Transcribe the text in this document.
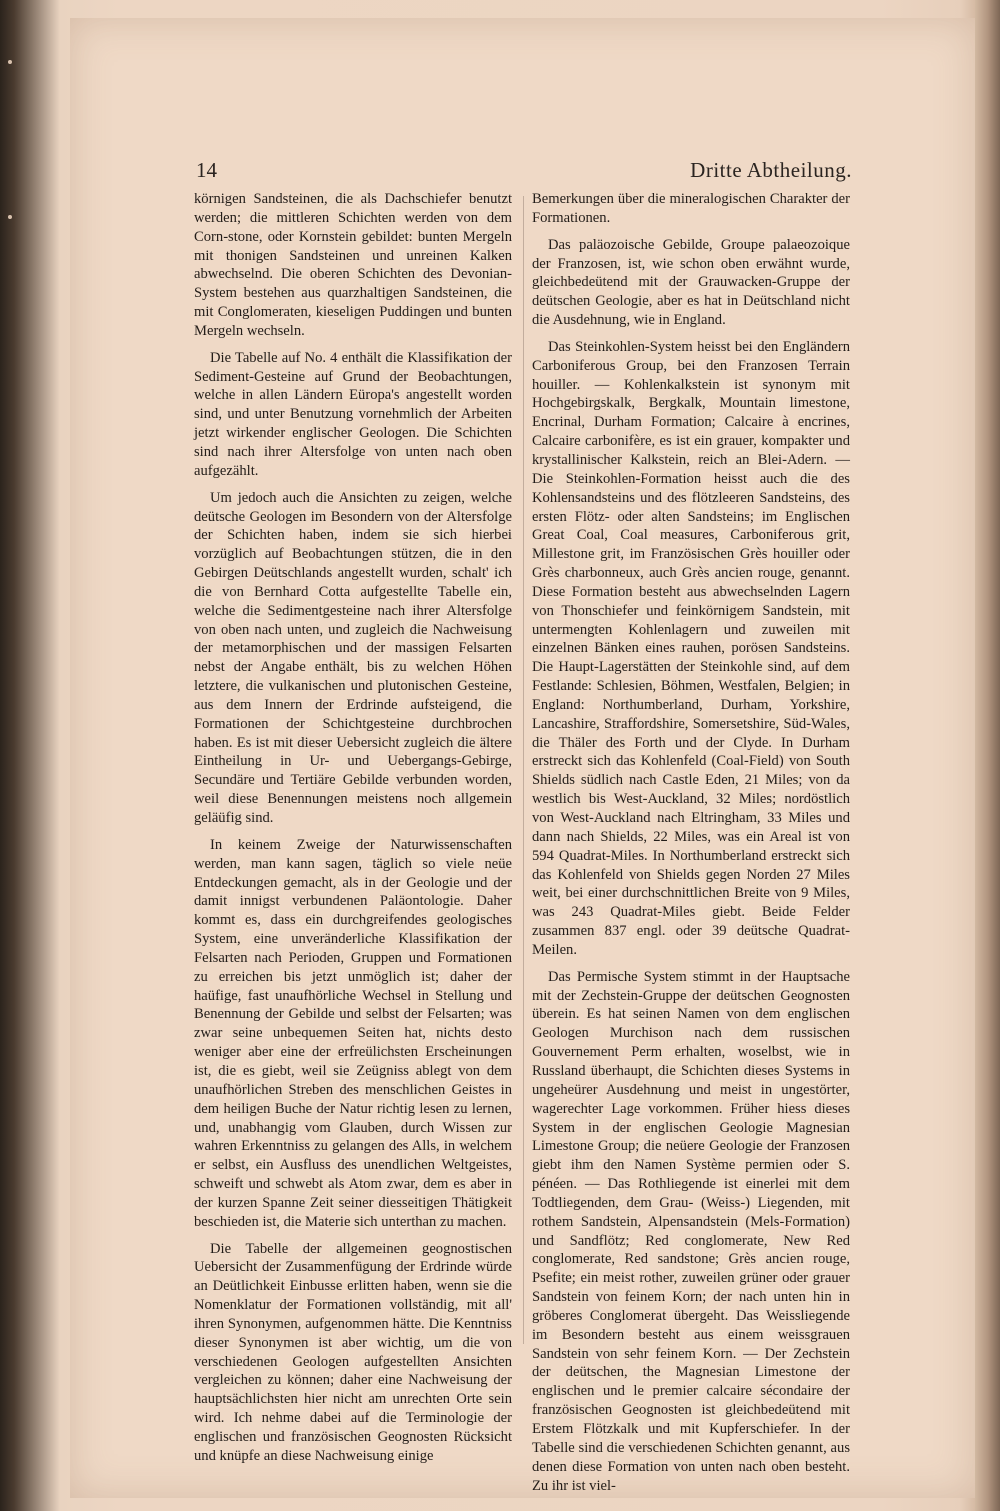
14	Dritte Abtheilung.

körnigen Sandsteinen, die als Dachschiefer benutzt werden; die mittleren Schichten werden von dem Corn-stone, oder Kornstein gebildet: bunten Mergeln mit thonigen Sandsteinen und unreinen Kalken abwechselnd. Die oberen Schichten des Devonian-System bestehen aus quarzhaltigen Sandsteinen, die mit Conglomeraten, kieseligen Puddingen und bunten Mergeln wechseln.

Die Tabelle auf No. 4 enthält die Klassifikation der Sediment-Gesteine auf Grund der Beobachtungen, welche in allen Ländern Eüropa's angestellt worden sind, und unter Benutzung vornehmlich der Arbeiten jetzt wirkender englischer Geologen. Die Schichten sind nach ihrer Altersfolge von unten nach oben aufgezählt.

Um jedoch auch die Ansichten zu zeigen, welche deütsche Geologen im Besondern von der Altersfolge der Schichten haben, indem sie sich hierbei vorzüglich auf Beobachtungen stützen, die in den Gebirgen Deütschlands angestellt wurden, schalt' ich die von Bernhard Cotta aufgestellte Tabelle ein, welche die Sedimentgesteine nach ihrer Altersfolge von oben nach unten, und zugleich die Nachweisung der metamorphischen und der massigen Felsarten nebst der Angabe enthält, bis zu welchen Höhen letztere, die vulkanischen und plutonischen Gesteine, aus dem Innern der Erdrinde aufsteigend, die Formationen der Schichtgesteine durchbrochen haben. Es ist mit dieser Uebersicht zugleich die ältere Eintheilung in Ur- und Uebergangs-Gebirge, Secundäre und Tertiäre Gebilde verbunden worden, weil diese Benennungen meistens noch allgemein geläüfig sind.

In keinem Zweige der Naturwissenschaften werden, man kann sagen, täglich so viele neüe Entdeckungen gemacht, als in der Geologie und der damit innigst verbundenen Paläontologie. Daher kommt es, dass ein durchgreifendes geologisches System, eine unveränderliche Klassifikation der Felsarten nach Perioden, Gruppen und Formationen zu erreichen bis jetzt unmöglich ist; daher der haüfige, fast unaufhörliche Wechsel in Stellung und Benennung der Gebilde und selbst der Felsarten; was zwar seine unbequemen Seiten hat, nichts desto weniger aber eine der erfreülichsten Erscheinungen ist, die es giebt, weil sie Zeügniss ablegt von dem unaufhörlichen Streben des menschlichen Geistes in dem heiligen Buche der Natur richtig lesen zu lernen, und, unabhangig vom Glauben, durch Wissen zur wahren Erkenntniss zu gelangen des Alls, in welchem er selbst, ein Ausfluss des unendlichen Weltgeistes, schweift und schwebt als Atom zwar, dem es aber in der kurzen Spanne Zeit seiner diesseitigen Thätigkeit beschieden ist, die Materie sich unterthan zu machen.

Die Tabelle der allgemeinen geognostischen Uebersicht der Zusammenfügung der Erdrinde würde an Deütlichkeit Einbusse erlitten haben, wenn sie die Nomenklatur der Formationen vollständig, mit all' ihren Synonymen, aufgenommen hätte. Die Kenntniss dieser Synonymen ist aber wichtig, um die von verschiedenen Geologen aufgestellten Ansichten vergleichen zu können; daher eine Nachweisung der hauptsächlichsten hier nicht am unrechten Orte sein wird. Ich nehme dabei auf die Terminologie der englischen und französischen Geognosten Rücksicht und knüpfe an diese Nachweisung einige

Bemerkungen über die mineralogischen Charakter der Formationen.

Das paläozoische Gebilde, Groupe palaeozoique der Franzosen, ist, wie schon oben erwähnt wurde, gleichbedeütend mit der Grauwacken-Gruppe der deütschen Geologie, aber es hat in Deütschland nicht die Ausdehnung, wie in England.

Das Steinkohlen-System heisst bei den Engländern Carboniferous Group, bei den Franzosen Terrain houiller. — Kohlenkalkstein ist synonym mit Hochgebirgskalk, Bergkalk, Mountain limestone, Encrinal, Durham Formation; Calcaire à encrines, Calcaire carbonifère, es ist ein grauer, kompakter und krystallinischer Kalkstein, reich an Blei-Adern. — Die Steinkohlen-Formation heisst auch die des Kohlensandsteins und des flötzleeren Sandsteins, des ersten Flötz- oder alten Sandsteins; im Englischen Great Coal, Coal measures, Carboniferous grit, Millestone grit, im Französischen Grès houiller oder Grès charbonneux, auch Grès ancien rouge, genannt. Diese Formation besteht aus abwechselnden Lagern von Thonschiefer und feinkörnigem Sandstein, mit untermengten Kohlenlagern und zuweilen mit einzelnen Bänken eines rauhen, porösen Sandsteins. Die Haupt-Lagerstätten der Steinkohle sind, auf dem Festlande: Schlesien, Böhmen, Westfalen, Belgien; in England: Northumberland, Durham, Yorkshire, Lancashire, Straffordshire, Somersetshire, Süd-Wales, die Thäler des Forth und der Clyde. In Durham erstreckt sich das Kohlenfeld (Coal-Field) von South Shields südlich nach Castle Eden, 21 Miles; von da westlich bis West-Auckland, 32 Miles; nordöstlich von West-Auckland nach Eltringham, 33 Miles und dann nach Shields, 22 Miles, was ein Areal ist von 594 Quadrat-Miles. In Northumberland erstreckt sich das Kohlenfeld von Shields gegen Norden 27 Miles weit, bei einer durchschnittlichen Breite von 9 Miles, was 243 Quadrat-Miles giebt. Beide Felder zusammen 837 engl. oder 39 deütsche Quadrat-Meilen.

Das Permische System stimmt in der Hauptsache mit der Zechstein-Gruppe der deütschen Geognosten überein. Es hat seinen Namen von dem englischen Geologen Murchison nach dem russischen Gouvernement Perm erhalten, woselbst, wie in Russland überhaupt, die Schichten dieses Systems in ungeheürer Ausdehnung und meist in ungestörter, wagerechter Lage vorkommen. Früher hiess dieses System in der englischen Geologie Magnesian Limestone Group; die neüere Geologie der Franzosen giebt ihm den Namen Système permien oder S. pénéen. — Das Rothliegende ist einerlei mit dem Todtliegenden, dem Grau- (Weiss-) Liegenden, mit rothem Sandstein, Alpensandstein (Mels-Formation) und Sandflötz; Red conglomerate, New Red conglomerate, Red sandstone; Grès ancien rouge, Psefite; ein meist rother, zuweilen grüner oder grauer Sandstein von feinem Korn; der nach unten hin in gröberes Conglomerat übergeht. Das Weissliegende im Besondern besteht aus einem weissgrauen Sandstein von sehr feinem Korn. — Der Zechstein der deütschen, the Magnesian Limestone der englischen und le premier calcaire sécondaire der französischen Geognosten ist gleichbedeütend mit Erstem Flötzkalk und mit Kupferschiefer. In der Tabelle sind die verschiedenen Schichten genannt, aus denen diese Formation von unten nach oben besteht. Zu ihr ist viel-
